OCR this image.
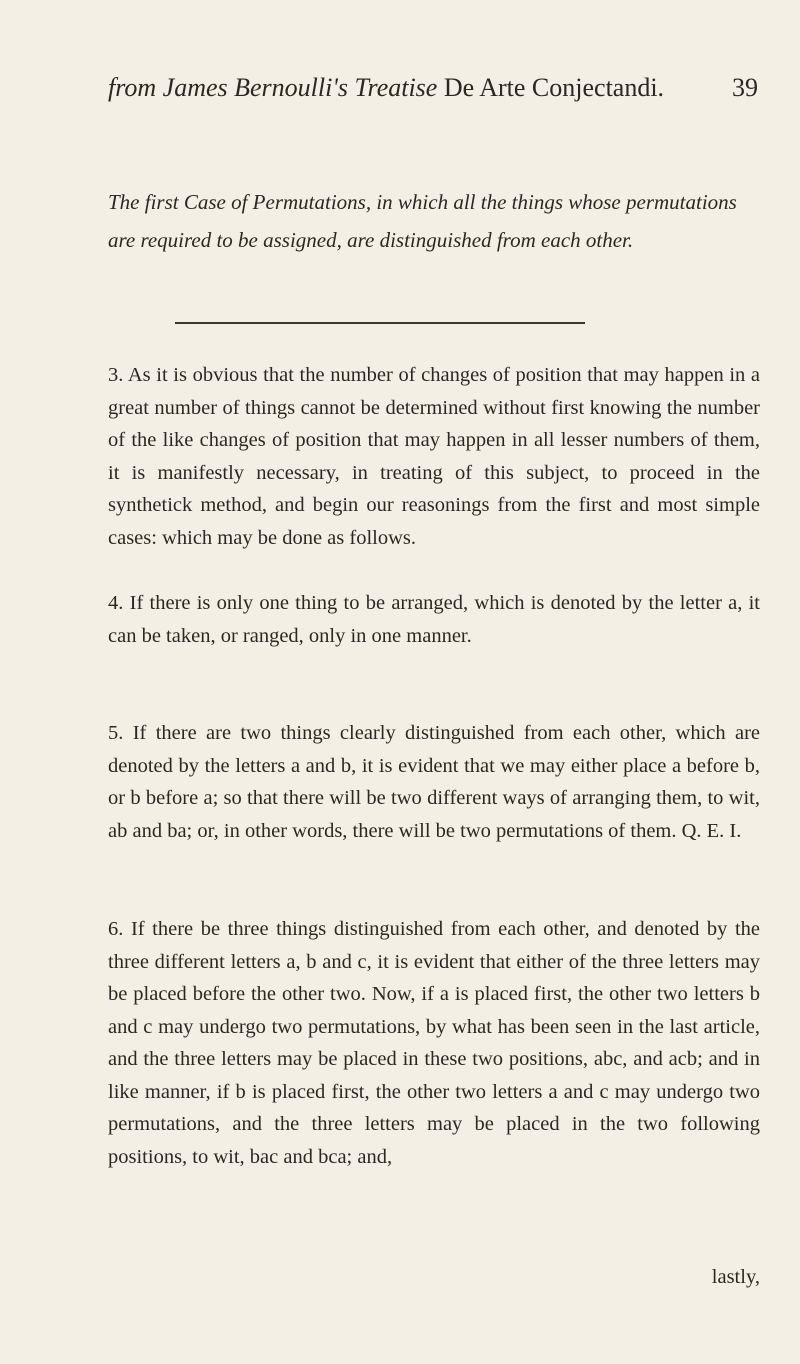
from James Bernoulli's Treatise De Arte Conjectandi.	39
The first Case of Permutations, in which all the things whose permutations are required to be assigned, are distinguished from each other.
3. As it is obvious that the number of changes of position that may happen in a great number of things cannot be determined without first knowing the number of the like changes of position that may happen in all lesser numbers of them, it is manifestly necessary, in treating of this subject, to proceed in the synthetick method, and begin our reasonings from the first and most simple cases: which may be done as follows.
4. If there is only one thing to be arranged, which is denoted by the letter a, it can be taken, or ranged, only in one manner.
5. If there are two things clearly distinguished from each other, which are denoted by the letters a and b, it is evident that we may either place a before b, or b before a; so that there will be two different ways of arranging them, to wit, ab and ba; or, in other words, there will be two permutations of them. Q. E. I.
6. If there be three things distinguished from each other, and denoted by the three different letters a, b and c, it is evident that either of the three letters may be placed before the other two. Now, if a is placed first, the other two letters b and c may undergo two permutations, by what has been seen in the last article, and the three letters may be placed in these two positions, abc, and acb; and in like manner, if b is placed first, the other two letters a and c may undergo two permutations, and the three letters may be placed in the two following positions, to wit, bac and bca; and,
lastly,
